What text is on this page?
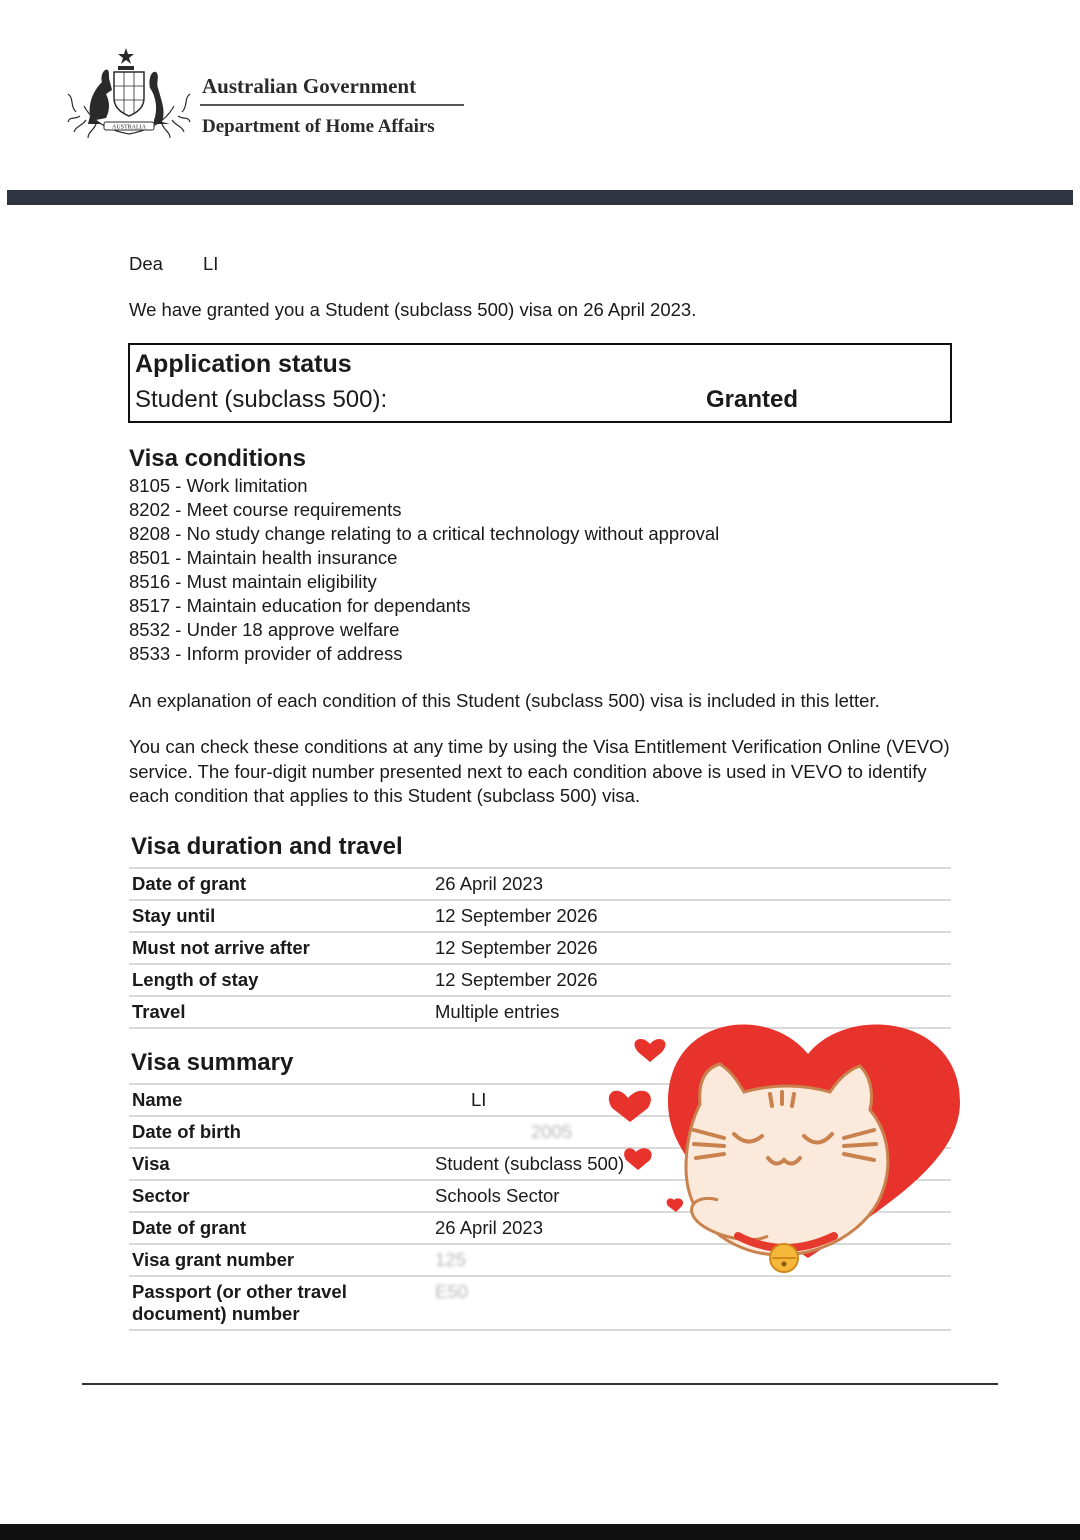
AUSTRALIA
Australian Government
Department of Home Affairs
Dea LI
We have granted you a Student (subclass 500) visa on 26 April 2023.
Application status
Student (subclass 500):	Granted
Visa conditions
8105 - Work limitation
8202 - Meet course requirements
8208 - No study change relating to a critical technology without approval
8501 - Maintain health insurance
8516 - Must maintain eligibility
8517 - Maintain education for dependants
8532 - Under 18 approve welfare
8533 - Inform provider of address
An explanation of each condition of this Student (subclass 500) visa is included in this letter.
You can check these conditions at any time by using the Visa Entitlement Verification Online (VEVO) service. The four-digit number presented next to each condition above is used in VEVO to identify each condition that applies to this Student (subclass 500) visa.
Visa duration and travel
Date of grant	26 April 2023
Stay until	12 September 2026
Must not arrive after	12 September 2026
Length of stay	12 September 2026
Travel	Multiple entries
Visa summary
Name	LI
Date of birth	2005
Visa	Student (subclass 500)
Sector	Schools Sector
Date of grant	26 April 2023
Visa grant number	125
Passport (or other travel document) number	E50
